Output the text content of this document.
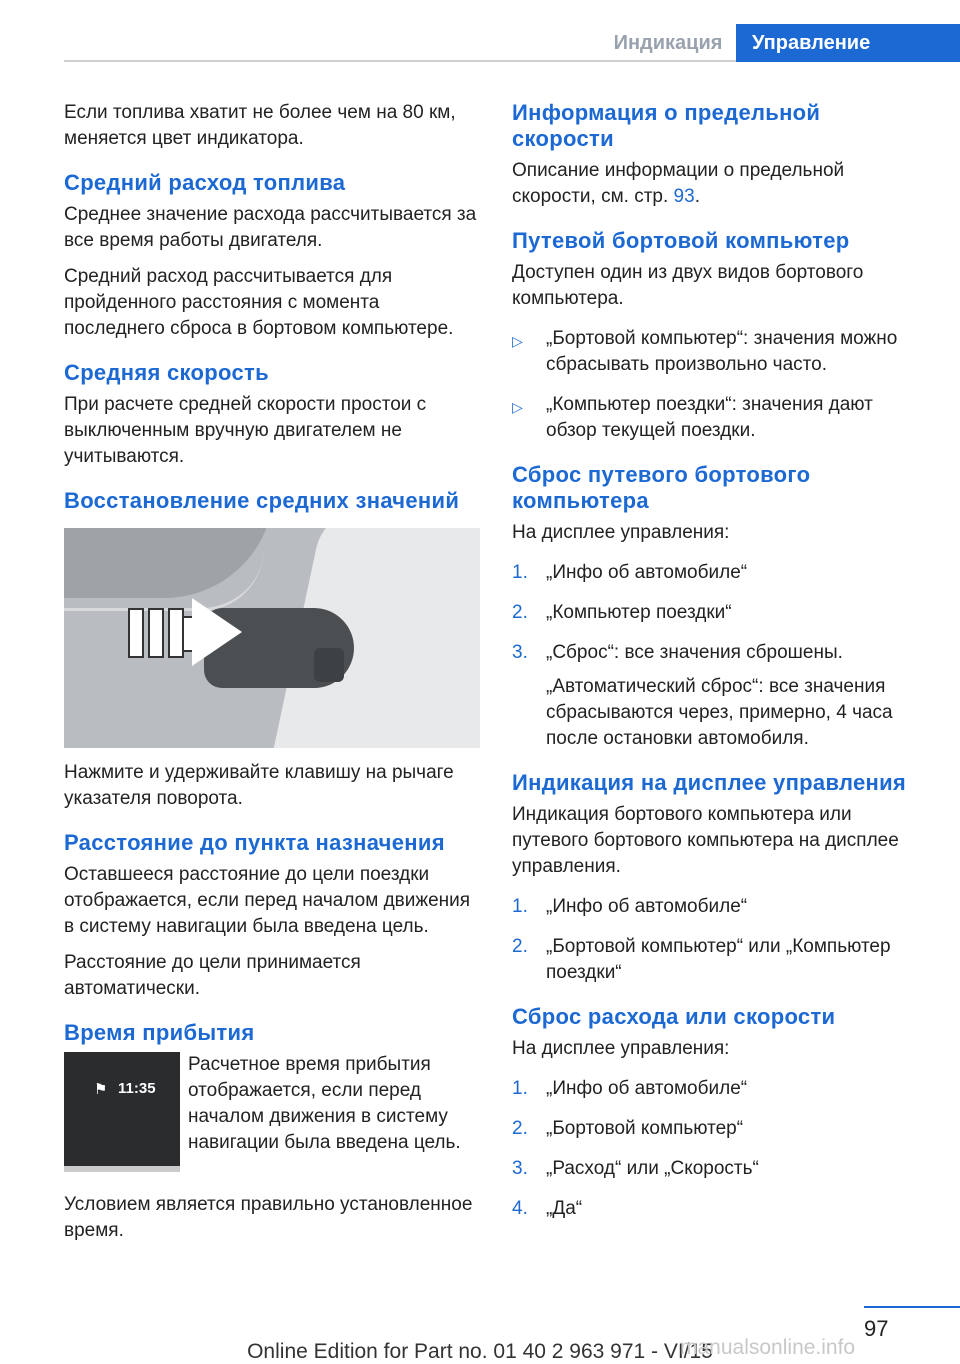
Индикация	Управление

Если топлива хватит не более чем на 80 км, меняется цвет индикатора.

Средний расход топлива

Среднее значение расхода рассчитывается за все время работы двигателя.

Средний расход рассчитывается для пройденного расстояния с момента последнего сброса в бортовом компьютере.

Средняя скорость

При расчете средней скорости простои с выключенным вручную двигателем не учитываются.

Восстановление средних значений

Нажмите и удерживайте клавишу на рычаге указателя поворота.

Расстояние до пункта назначения

Оставшееся расстояние до цели поездки отображается, если перед началом движения в систему навигации была введена цель.

Расстояние до цели принимается автоматически.

Время прибытия
⚑ 11:35

Расчетное время прибытия отображается, если перед началом движения в систему навигации была введена цель.

Условием является правильно установленное время.

Информация о предельной скорости

Описание информации о предельной скорости, см. стр. 93.

Путевой бортовой компьютер

Доступен один из двух видов бортового компьютера.

▷ „Бортовой компьютер“: значения можно сбрасывать произвольно часто.
▷ „Компьютер поездки“: значения дают обзор текущей поездки.
Сброс путевого бортового компьютера

На дисплее управления:

1. „Инфо об автомобиле“
2. „Компьютер поездки“
3. „Сброс“: все значения сброшены.
„Автоматический сброс“: все значения сбрасываются через, примерно, 4 часа после остановки автомобиля.
Индикация на дисплее управления

Индикация бортового компьютера или путевого бортового компьютера на дисплее управления.

1. „Инфо об автомобиле“
2. „Бортовой компьютер“ или „Компьютер поездки“
Сброс расхода или скорости

На дисплее управления:

1. „Инфо об автомобиле“
2. „Бортовой компьютер“
3. „Расход“ или „Скорость“
4. „Да“
97
Online Edition for Part no. 01 40 2 963 971 - VI/15
manualsonline.info
